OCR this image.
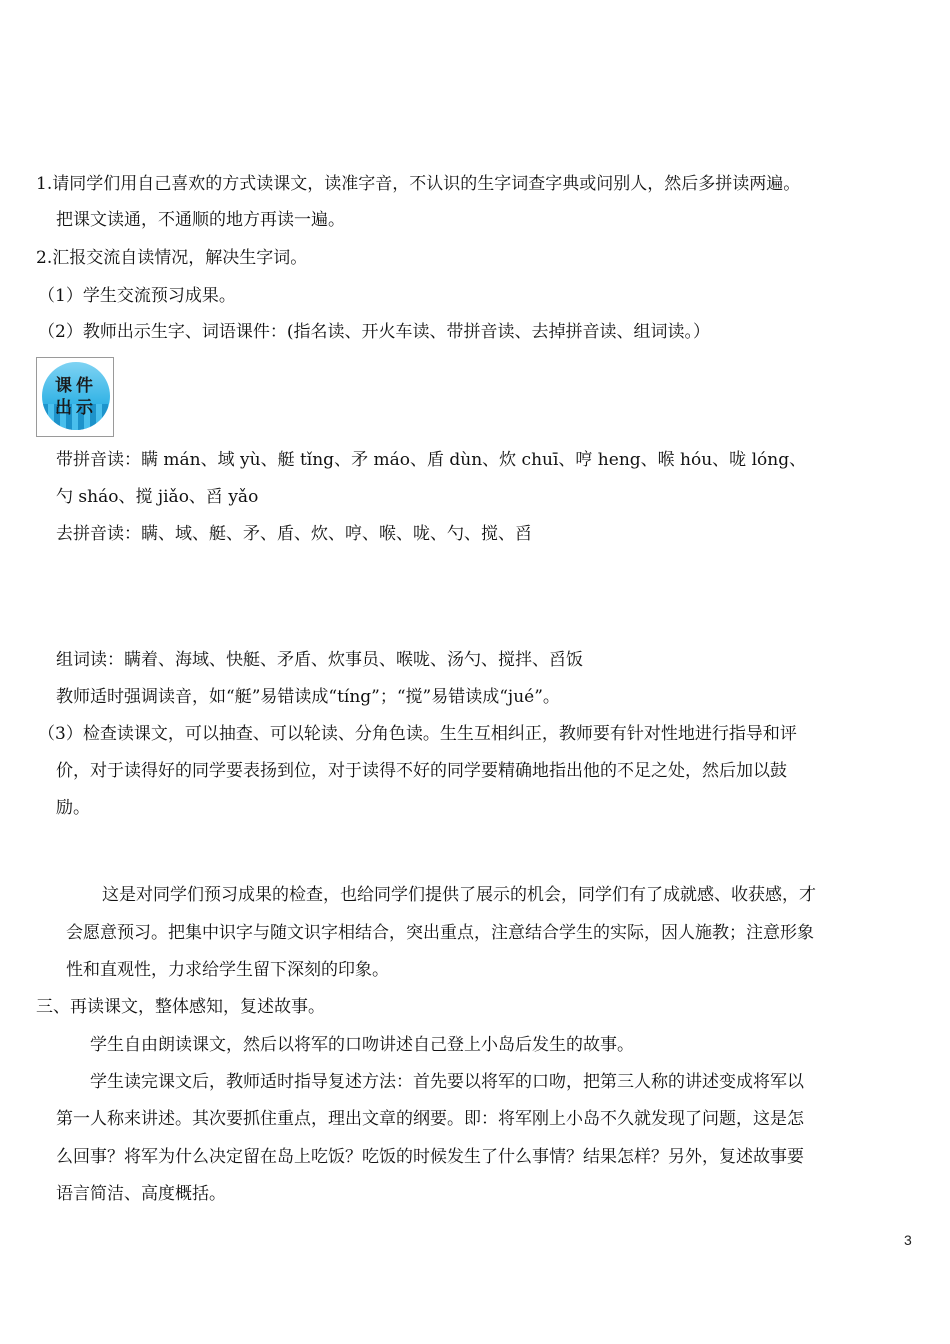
1.请同学们用自己喜欢的方式读课文，读准字音，不认识的生字词查字典或问别人，然后多拼读两遍。
把课文读通，不通顺的地方再读一遍。
2.汇报交流自读情况，解决生字词。
（1）学生交流预习成果。
（2）教师出示生字、词语课件：(指名读、开火车读、带拼音读、去掉拼音读、组词读。）
课件
出示
带拼音读：瞒 mán、域 yù、艇 tǐng、矛 máo、盾 dùn、炊 chuī、哼 heng、喉 hóu、咙 lóng、
勺 sháo、搅 jiǎo、舀 yǎo
去拼音读：瞒、域、艇、矛、盾、炊、哼、喉、咙、勺、搅、舀
组词读：瞒着、海域、快艇、矛盾、炊事员、喉咙、汤勺、搅拌、舀饭
教师适时强调读音，如“艇”易错读成“tíng”；“搅”易错读成“jué”。
（3）检查读课文，可以抽查、可以轮读、分角色读。生生互相纠正，教师要有针对性地进行指导和评
价，对于读得好的同学要表扬到位，对于读得不好的同学要精确地指出他的不足之处，然后加以鼓
励。
这是对同学们预习成果的检查，也给同学们提供了展示的机会，同学们有了成就感、收获感，才
会愿意预习。把集中识字与随文识字相结合，突出重点，注意结合学生的实际，因人施教；注意形象
性和直观性，力求给学生留下深刻的印象。
三、再读课文，整体感知，复述故事。
学生自由朗读课文，然后以将军的口吻讲述自己登上小岛后发生的故事。
学生读完课文后，教师适时指导复述方法：首先要以将军的口吻，把第三人称的讲述变成将军以
第一人称来讲述。其次要抓住重点，理出文章的纲要。即：将军刚上小岛不久就发现了问题，这是怎
么回事？将军为什么决定留在岛上吃饭？吃饭的时候发生了什么事情？结果怎样？另外，复述故事要
语言简洁、高度概括。
3
